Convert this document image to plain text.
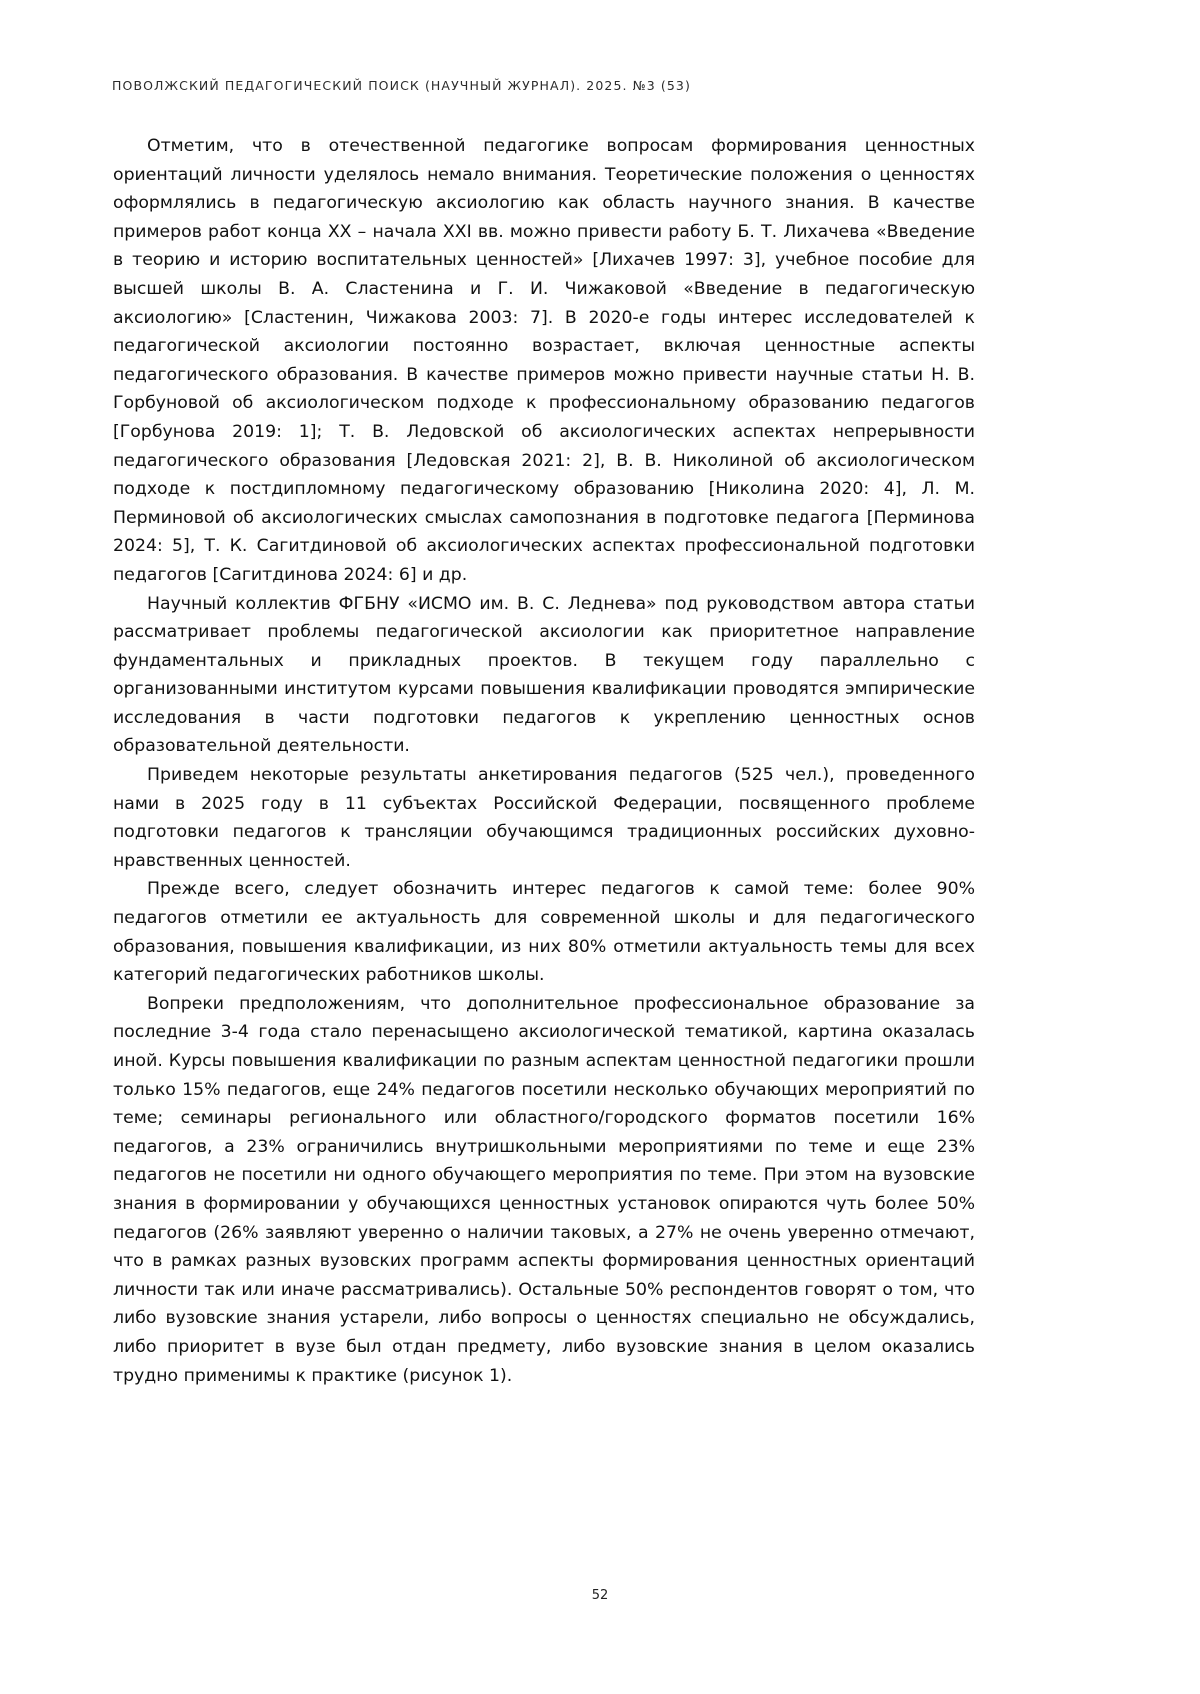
ПОВОЛЖСКИЙ ПЕДАГОГИЧЕСКИЙ ПОИСК (НАУЧНЫЙ ЖУРНАЛ). 2025. №3 (53)

Отметим, что в отечественной педагогике вопросам формирования ценностных ориентаций личности уделялось немало внимания. Теоретические положения о ценностях оформлялись в педагогическую аксиологию как область научного знания. В качестве примеров работ конца XX – начала XXI вв. можно привести работу Б. Т. Лихачева «Введение в теорию и историю воспитательных ценностей» [Лихачев 1997: 3], учебное пособие для высшей школы В. А. Сластенина и Г. И. Чижаковой «Введение в педагогическую аксиологию» [Сластенин, Чижакова 2003: 7]. В 2020-е годы интерес исследователей к педагогической аксиологии постоянно возрастает, включая ценностные аспекты педагогического образования. В качестве примеров можно привести научные статьи Н. В. Горбуновой об аксиологическом подходе к профессиональному образованию педагогов [Горбунова 2019: 1]; Т. В. Ледовской об аксиологических аспектах непрерывности педагогического образования [Ледовская 2021: 2], В. В. Николиной об аксиологическом подходе к постдипломному педагогическому образованию [Николина 2020: 4], Л. М. Перминовой об аксиологических смыслах самопознания в подготовке педагога [Перминова 2024: 5], Т. К. Сагитдиновой об аксиологических аспектах профессиональной подготовки педагогов [Сагитдинова 2024: 6] и др.

Научный коллектив ФГБНУ «ИСМО им. В. С. Леднева» под руководством автора статьи рассматривает проблемы педагогической аксиологии как приоритетное направление фундаментальных и прикладных проектов. В текущем году параллельно с организованными институтом курсами повышения квалификации проводятся эмпирические исследования в части подготовки педагогов к укреплению ценностных основ образовательной деятельности.

Приведем некоторые результаты анкетирования педагогов (525 чел.), проведенного нами в 2025 году в 11 субъектах Российской Федерации, посвященного проблеме подготовки педагогов к трансляции обучающимся традиционных российских духовно-нравственных ценностей.

Прежде всего, следует обозначить интерес педагогов к самой теме: более 90% педагогов отметили ее актуальность для современной школы и для педагогического образования, повышения квалификации, из них 80% отметили актуальность темы для всех категорий педагогических работников школы.

Вопреки предположениям, что дополнительное профессиональное образование за последние 3-4 года стало перенасыщено аксиологической тематикой, картина оказалась иной. Курсы повышения квалификации по разным аспектам ценностной педагогики прошли только 15% педагогов, еще 24% педагогов посетили несколько обучающих мероприятий по теме; семинары регионального или областного/городского форматов посетили 16% педагогов, а 23% ограничились внутришкольными мероприятиями по теме и еще 23% педагогов не посетили ни одного обучающего мероприятия по теме. При этом на вузовские знания в формировании у обучающихся ценностных установок опираются чуть более 50% педагогов (26% заявляют уверенно о наличии таковых, а 27% не очень уверенно отмечают, что в рамках разных вузовских программ аспекты формирования ценностных ориентаций личности так или иначе рассматривались). Остальные 50% респондентов говорят о том, что либо вузовские знания устарели, либо вопросы о ценностях специально не обсуждались, либо приоритет в вузе был отдан предмету, либо вузовские знания в целом оказались трудно применимы к практике (рисунок 1).

52
